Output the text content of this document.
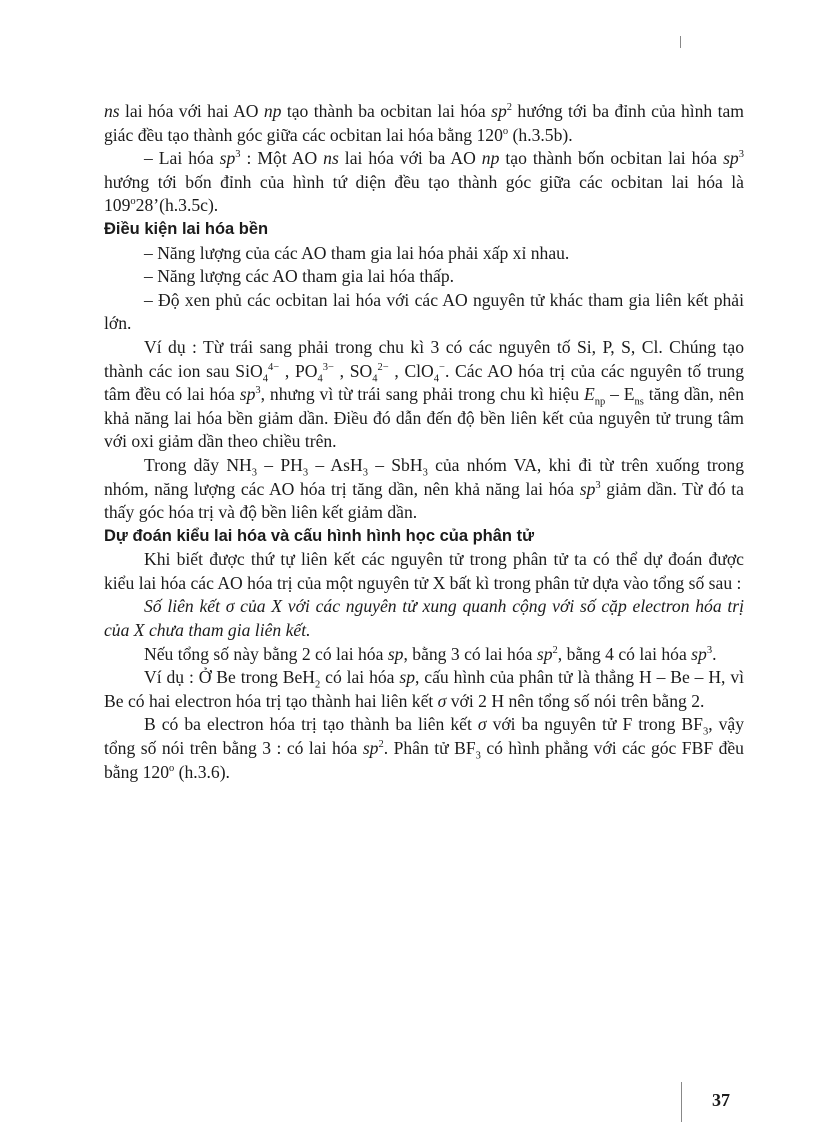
ns lai hóa với hai AO np tạo thành ba ocbitan lai hóa $sp^2$ hướng tới ba đỉnh của hình tam giác đều tạo thành góc giữa các ocbitan lai hóa bằng 120$^o$ (h.3.5b).

– Lai hóa $sp^3$ : Một AO ns lai hóa với ba AO np tạo thành bốn ocbitan lai hóa $sp^3$ hướng tới bốn đỉnh của hình tứ diện đều tạo thành góc giữa các ocbitan lai hóa là 109$^o$28’(h.3.5c).

Điều kiện lai hóa bền

– Năng lượng của các AO tham gia lai hóa phải xấp xỉ nhau.

– Năng lượng các AO tham gia lai hóa thấp.

– Độ xen phủ các ocbitan lai hóa với các AO nguyên tử khác tham gia liên kết phải lớn.

Ví dụ : Từ trái sang phải trong chu kì 3 có các nguyên tố Si, P, S, Cl. Chúng tạo thành các ion sau SiO$_4^{4-}$ , $PO_4^{3-}$ , $SO_4^{2-}$ , ClO$_4$−. Các AO hóa trị của các nguyên tố trung tâm đều có lai hóa $sp^3$, nhưng vì từ trái sang phải trong chu kì hiệu $E_{np} - E_{ns}$ tăng dần, nên khả năng lai hóa bền giảm dần. Điều đó dẫn đến độ bền liên kết của nguyên tử trung tâm với oxi giảm dần theo chiều trên.

Trong dãy $NH_3 - PH_3 - AsH_3 - SbH_3$ của nhóm VA, khi đi từ trên xuống trong nhóm, năng lượng các AO hóa trị tăng dần, nên khả năng lai hóa $sp^3$ giảm dần. Từ đó ta thấy góc hóa trị và độ bền liên kết giảm dần.

Dự đoán kiểu lai hóa và cấu hình hình học của phân tử

Khi biết được thứ tự liên kết các nguyên tử trong phân tử ta có thể dự đoán được kiểu lai hóa các AO hóa trị của một nguyên tử X bất kì trong phân tử dựa vào tổng số sau :

Số liên kết σ của X với các nguyên tử xung quanh cộng với số cặp electron hóa trị của X chưa tham gia liên kết.

Nếu tổng số này bằng 2 có lai hóa sp, bằng 3 có lai hóa $sp^2$, bằng 4 có lai hóa $sp^3$.

Ví dụ : Ở Be trong BeH$_2$ có lai hóa sp, cấu hình của phân tử là thẳng H – Be – H, vì Be có hai electron hóa trị tạo thành hai liên kết σ với 2 H nên tổng số nói trên bằng 2.

B có ba electron hóa trị tạo thành ba liên kết σ với ba nguyên tử F trong $BF_3$, vậy tổng số nói trên bằng 3 : có lai hóa $sp^2$. Phân tử $BF_3$ có hình phẳng với các góc FBF đều bằng 120$^o$ (h.3.6).

37
